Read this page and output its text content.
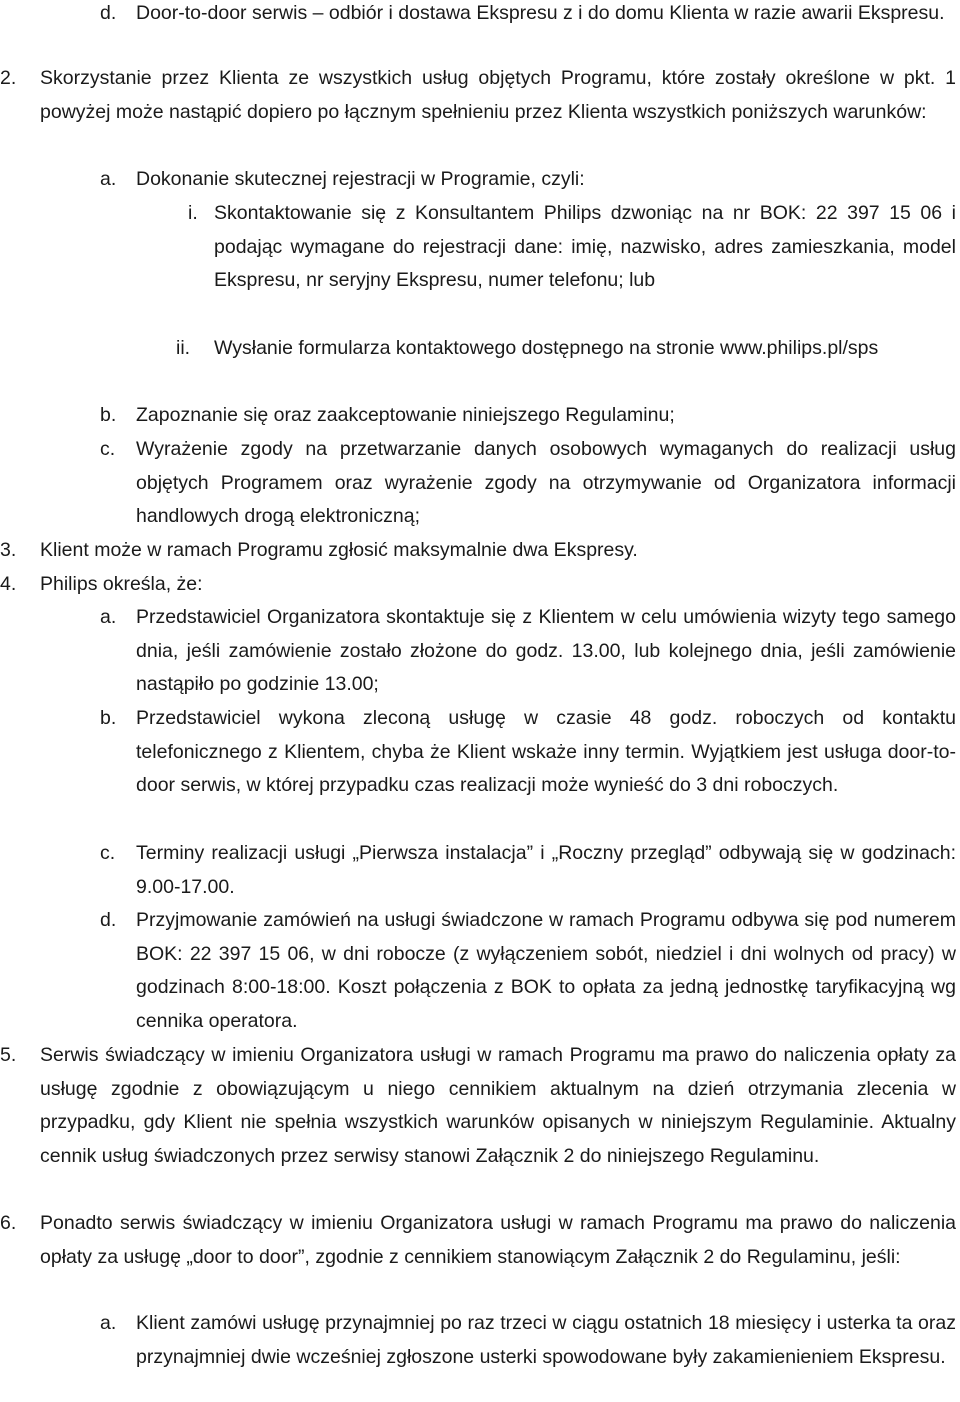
d. Door-to-door serwis – odbiór i dostawa Ekspresu z i do domu Klienta w razie awarii Ekspresu.
2. Skorzystanie przez Klienta ze wszystkich usług objętych Programu, które zostały określone w pkt. 1 powyżej może nastąpić dopiero po łącznym spełnieniu przez Klienta wszystkich poniższych warunków:
a. Dokonanie skutecznej rejestracji w Programie, czyli:
i. Skontaktowanie się z Konsultantem Philips dzwoniąc na nr BOK: 22 397 15 06 i podając wymagane do rejestracji dane: imię, nazwisko, adres zamieszkania, model Ekspresu, nr seryjny Ekspresu, numer telefonu; lub
ii. Wysłanie formularza kontaktowego dostępnego na stronie www.philips.pl/sps
b. Zapoznanie się oraz zaakceptowanie niniejszego Regulaminu;
c. Wyrażenie zgody na przetwarzanie danych osobowych wymaganych do realizacji usług objętych Programem oraz wyrażenie zgody na otrzymywanie od Organizatora informacji handlowych drogą elektroniczną;
3. Klient może w ramach Programu zgłosić maksymalnie dwa Ekspresy.
4. Philips określa, że:
a. Przedstawiciel Organizatora skontaktuje się z Klientem w celu umówienia wizyty tego samego dnia, jeśli zamówienie zostało złożone do godz. 13.00, lub kolejnego dnia, jeśli zamówienie nastąpiło po godzinie 13.00;
b. Przedstawiciel wykona zleconą usługę w czasie 48 godz. roboczych od kontaktu telefonicznego z Klientem, chyba że Klient wskaże inny termin. Wyjątkiem jest usługa door-to-door serwis, w której przypadku czas realizacji może wynieść do 3 dni roboczych.
c. Terminy realizacji usługi „Pierwsza instalacja” i „Roczny przegląd” odbywają się w godzinach: 9.00-17.00.
d. Przyjmowanie zamówień na usługi świadczone w ramach Programu odbywa się pod numerem BOK: 22 397 15 06, w dni robocze (z wyłączeniem sobót, niedziel i dni wolnych od pracy) w godzinach 8:00-18:00. Koszt połączenia z BOK to opłata za jedną jednostkę taryfikacyjną wg cennika operatora.
5. Serwis świadczący w imieniu Organizatora usługi w ramach Programu ma prawo do naliczenia opłaty za usługę zgodnie z obowiązującym u niego cennikiem aktualnym na dzień otrzymania zlecenia w przypadku, gdy Klient nie spełnia wszystkich warunków opisanych w niniejszym Regulaminie. Aktualny cennik usług świadczonych przez serwisy stanowi Załącznik 2 do niniejszego Regulaminu.
6. Ponadto serwis świadczący w imieniu Organizatora usługi w ramach Programu ma prawo do naliczenia opłaty za usługę „door to door”, zgodnie z cennikiem stanowiącym Załącznik 2 do Regulaminu, jeśli:
a. Klient zamówi usługę przynajmniej po raz trzeci w ciągu ostatnich 18 miesięcy i usterka ta oraz przynajmniej dwie wcześniej zgłoszone usterki spowodowane były zakamienieniem Ekspresu.
